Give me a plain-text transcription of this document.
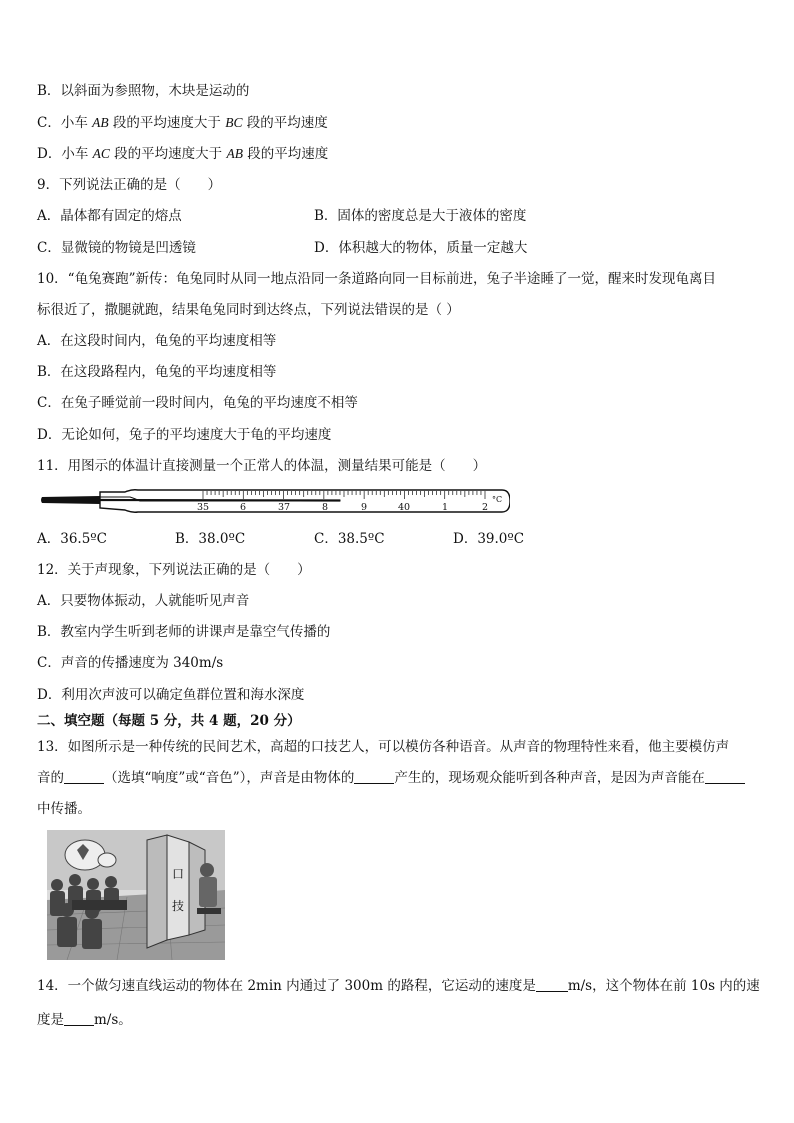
B．以斜面为参照物，木块是运动的
C．小车 AB 段的平均速度大于 BC 段的平均速度
D．小车 AC 段的平均速度大于 AB 段的平均速度
9．下列说法正确的是（　　）
A．晶体都有固定的熔点	B．固体的密度总是大于液体的密度
C．显微镜的物镜是凹透镜	D．体积越大的物体，质量一定越大
10．“龟兔赛跑”新传：龟兔同时从同一地点沿同一条道路向同一目标前进，兔子半途睡了一觉，醒来时发现龟离目
标很近了，撒腿就跑，结果龟兔同时到达终点，下列说法错误的是（ ）
A．在这段时间内，龟兔的平均速度相等
B．在这段路程内，龟兔的平均速度相等
C．在兔子睡觉前一段时间内，龟兔的平均速度不相等
D．无论如何，兔子的平均速度大于龟的平均速度
11．用图示的体温计直接测量一个正常人的体温，测量结果可能是（　　）
35	6	37	8	9	40	1	2
°C
A．36.5ºC	B．38.0ºC	C．38.5ºC	D．39.0ºC
12．关于声现象，下列说法正确的是（　　）
A．只要物体振动，人就能听见声音
B．教室内学生听到老师的讲课声是靠空气传播的
C．声音的传播速度为 340m/s
D．利用次声波可以确定鱼群位置和海水深度
二、填空题（每题 5 分，共 4 题，20 分）
13．如图所示是一种传统的民间艺术，高超的口技艺人，可以模仿各种语音。从声音的物理特性来看，他主要模仿声
音的	（选填“响度”或“音色”），声音是由物体的	产生的，现场观众能听到各种声音，是因为声音能在
中传播。
口
技
14．一个做匀速直线运动的物体在 2min 内通过了 300m 的路程，它运动的速度是 m/s，这个物体在前 10s 内的速
度是 m/s。
